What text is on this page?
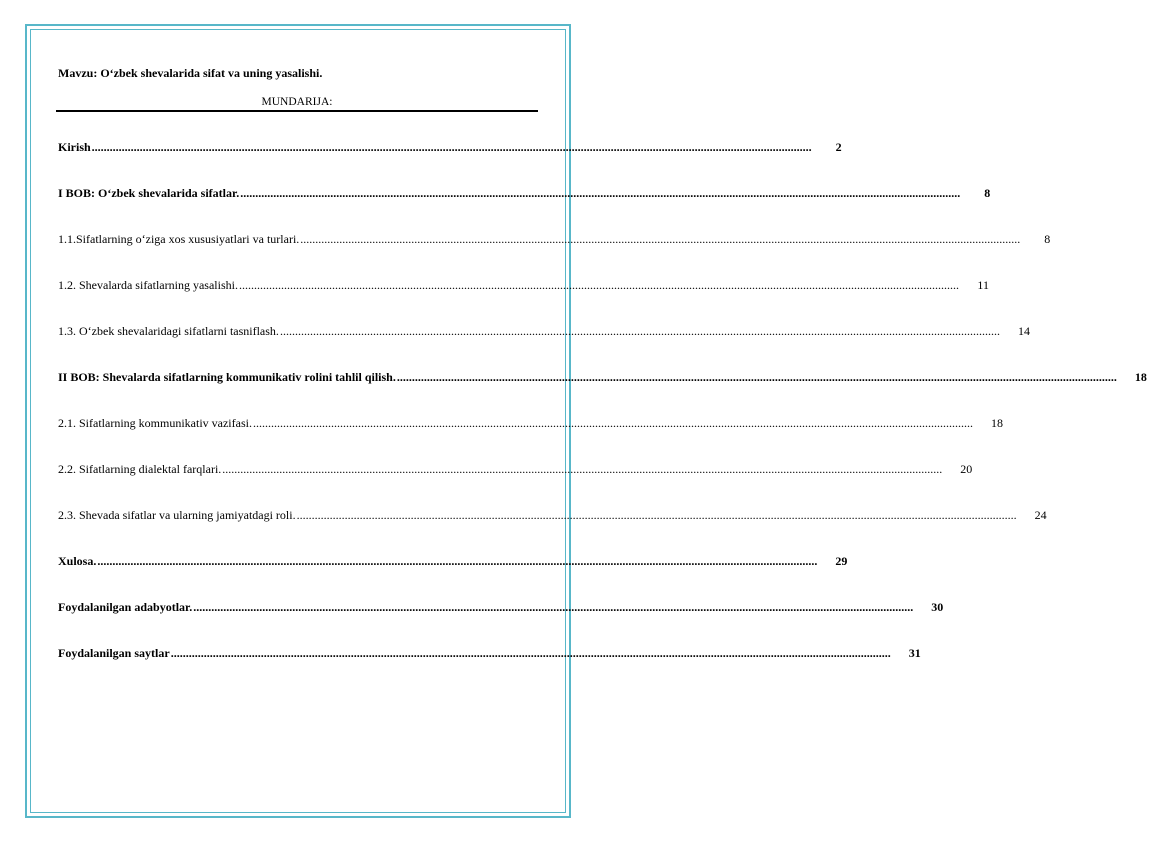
Mavzu: O‘zbek shevalarida sifat va uning yasalishi.
MUNDARIJA:
Kirish ................................................................................................................................................................................................................................................	2
I BOB: O‘zbek shevalarida sifatlar. ................................................................................................................................................................................................................................................	8
1.1.Sifatlarning o‘ziga xos xususiyatlari va turlari. ................................................................................................................................................................................................................................................	8
1.2. Shevalarda sifatlarning yasalishi. ................................................................................................................................................................................................................................................	11
1.3. O‘zbek shevalaridagi sifatlarni tasniflash. ................................................................................................................................................................................................................................................	14
II BOB: Shevalarda sifatlarning kommunikativ rolini tahlil qilish. ................................................................................................................................................................................................................................................	18
2.1. Sifatlarning kommunikativ vazifasi. ................................................................................................................................................................................................................................................	18
2.2. Sifatlarning dialektal farqlari. ................................................................................................................................................................................................................................................	20
2.3. Shevada sifatlar va ularning jamiyatdagi roli. ................................................................................................................................................................................................................................................	24
Xulosa. ................................................................................................................................................................................................................................................	29
Foydalanilgan adabyotlar. ................................................................................................................................................................................................................................................	30
Foydalanilgan saytlar ................................................................................................................................................................................................................................................	31
